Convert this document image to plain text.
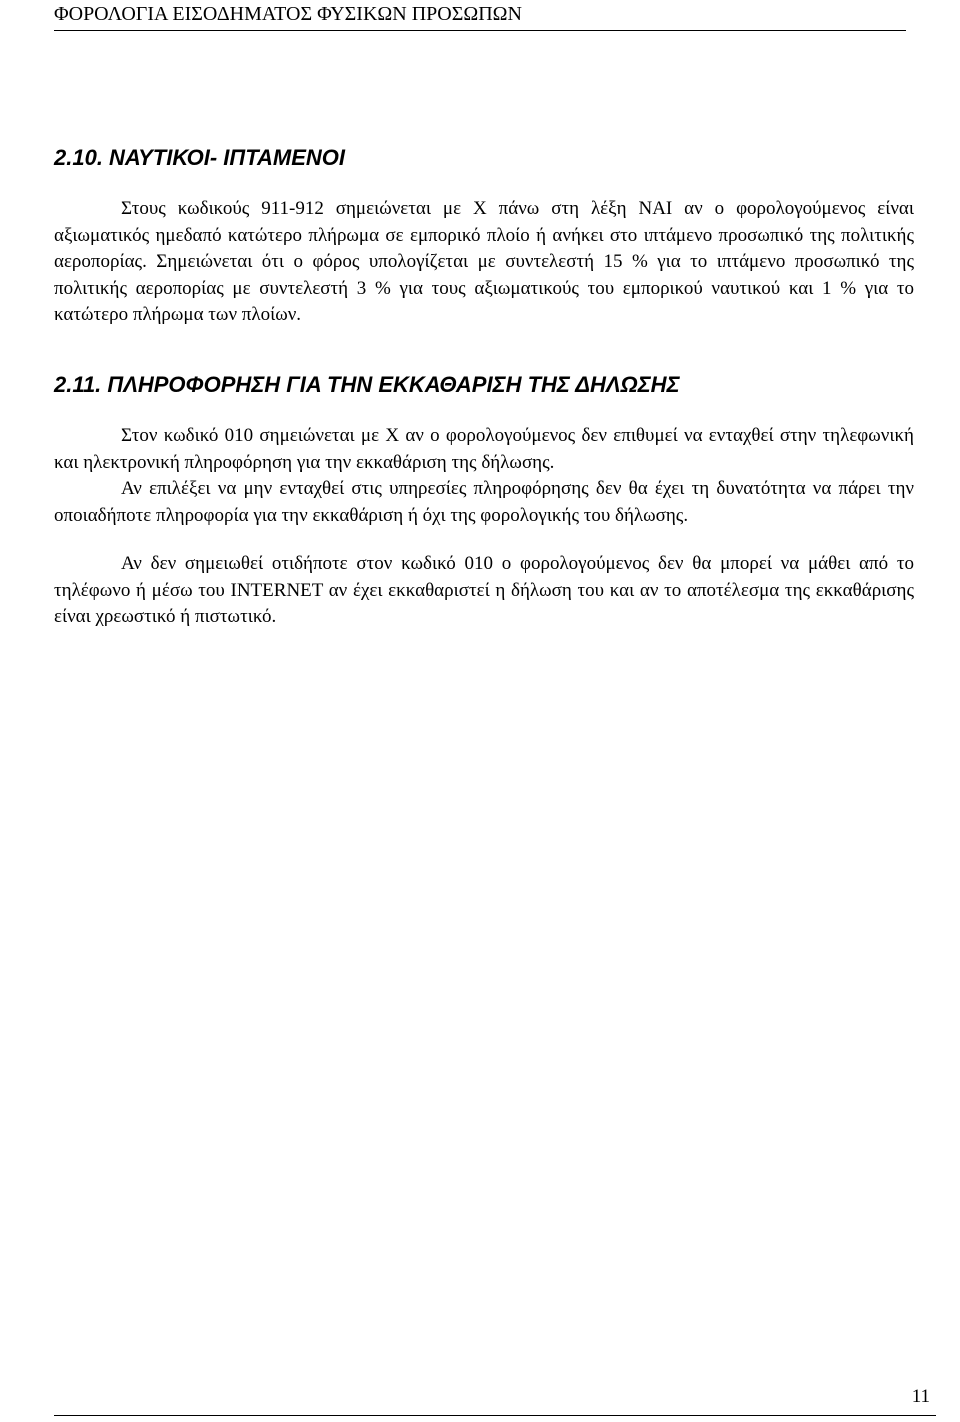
ΦΟΡΟΛΟΓΙΑ ΕΙΣΟΔΗΜΑΤΟΣ ΦΥΣΙΚΩΝ ΠΡΟΣΩΠΩΝ
2.10. ΝΑΥΤΙΚΟΙ- ΙΠΤΑΜΕΝΟΙ

Στους κωδικούς 911-912 σημειώνεται με Χ πάνω στη λέξη ΝΑΙ αν ο φορολογούμενος είναι αξιωματικός ημεδαπό κατώτερο πλήρωμα σε εμπορικό πλοίο ή ανήκει στο ιπτάμενο προσωπικό της πολιτικής αεροπορίας. Σημειώνεται ότι ο φόρος υπολογίζεται με συντελεστή 15 % για το ιπτάμενο προσωπικό της πολιτικής αεροπορίας με συντελεστή 3 % για τους αξιωματικούς του εμπορικού ναυτικού και 1 % για το κατώτερο πλήρωμα των πλοίων.

2.11. ΠΛΗΡΟΦΟΡΗΣΗ ΓΙΑ ΤΗΝ ΕΚΚΑΘΑΡΙΣΗ ΤΗΣ ΔΗΛΩΣΗΣ

Στον κωδικό 010 σημειώνεται με Χ αν ο φορολογούμενος δεν επιθυμεί να ενταχθεί στην τηλεφωνική και ηλεκτρονική πληροφόρηση για την εκκαθάριση της δήλωσης.

Αν επιλέξει να μην ενταχθεί στις υπηρεσίες πληροφόρησης δεν θα έχει τη δυνατότητα να πάρει την οποιαδήποτε πληροφορία για την εκκαθάριση ή όχι της φορολογικής του δήλωσης.

Αν δεν σημειωθεί οτιδήποτε στον κωδικό 010 ο φορολογούμενος δεν θα μπορεί να μάθει από το τηλέφωνο ή μέσω του INTERNET αν έχει εκκαθαριστεί η δήλωση του και αν το αποτέλεσμα της εκκαθάρισης είναι χρεωστικό ή πιστωτικό.

11
